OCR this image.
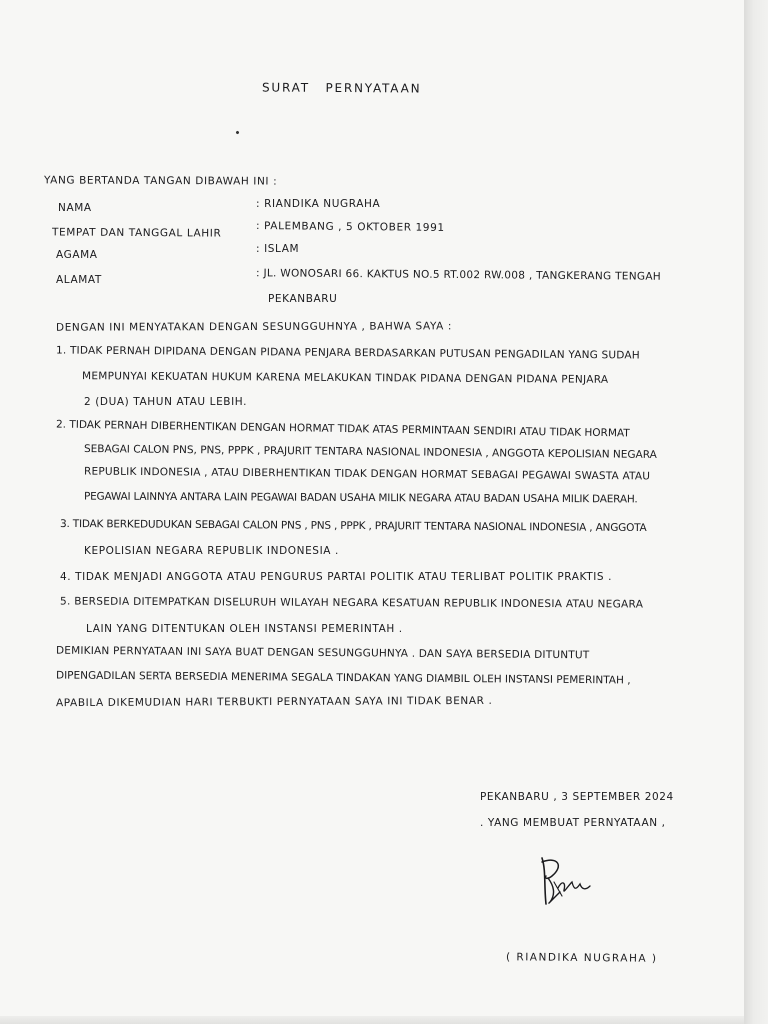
SURAT PERNYATAAN
YANG BERTANDA TANGAN DIBAWAH INI :
NAMA	: RIANDIKA NUGRAHA
TEMPAT DAN TANGGAL LAHIR	: PALEMBANG , 5 OKTOBER 1991
AGAMA	: ISLAM
ALAMAT	: JL. WONOSARI 66. KAKTUS NO.5 RT.002 RW.008 , TANGKERANG TENGAH
PEKANBARU
DENGAN INI MENYATAKAN DENGAN SESUNGGUHNYA , BAHWA SAYA :
1. TIDAK PERNAH DIPIDANA DENGAN PIDANA PENJARA BERDASARKAN PUTUSAN PENGADILAN YANG SUDAH
MEMPUNYAI KEKUATAN HUKUM KARENA MELAKUKAN TINDAK PIDANA DENGAN PIDANA PENJARA
2 (DUA) TAHUN ATAU LEBIH.
2. TIDAK PERNAH DIBERHENTIKAN DENGAN HORMAT TIDAK ATAS PERMINTAAN SENDIRI ATAU TIDAK HORMAT
SEBAGAI CALON PNS, PNS, PPPK , PRAJURIT TENTARA NASIONAL INDONESIA , ANGGOTA KEPOLISIAN NEGARA
REPUBLIK INDONESIA , ATAU DIBERHENTIKAN TIDAK DENGAN HORMAT SEBAGAI PEGAWAI SWASTA ATAU
PEGAWAI LAINNYA ANTARA LAIN PEGAWAI BADAN USAHA MILIK NEGARA ATAU BADAN USAHA MILIK DAERAH.
3. TIDAK BERKEDUDUKAN SEBAGAI CALON PNS , PNS , PPPK , PRAJURIT TENTARA NASIONAL INDONESIA , ANGGOTA
KEPOLISIAN NEGARA REPUBLIK INDONESIA .
4. TIDAK MENJADI ANGGOTA ATAU PENGURUS PARTAI POLITIK ATAU TERLIBAT POLITIK PRAKTIS .
5. BERSEDIA DITEMPATKAN DISELURUH WILAYAH NEGARA KESATUAN REPUBLIK INDONESIA ATAU NEGARA
LAIN YANG DITENTUKAN OLEH INSTANSI PEMERINTAH .
DEMIKIAN PERNYATAAN INI SAYA BUAT DENGAN SESUNGGUHNYA . DAN SAYA BERSEDIA DITUNTUT
DIPENGADILAN SERTA BERSEDIA MENERIMA SEGALA TINDAKAN YANG DIAMBIL OLEH INSTANSI PEMERINTAH ,
APABILA DIKEMUDIAN HARI TERBUKTI PERNYATAAN SAYA INI TIDAK BENAR .
PEKANBARU , 3 SEPTEMBER 2024
. YANG MEMBUAT PERNYATAAN ,
( RIANDIKA NUGRAHA )
